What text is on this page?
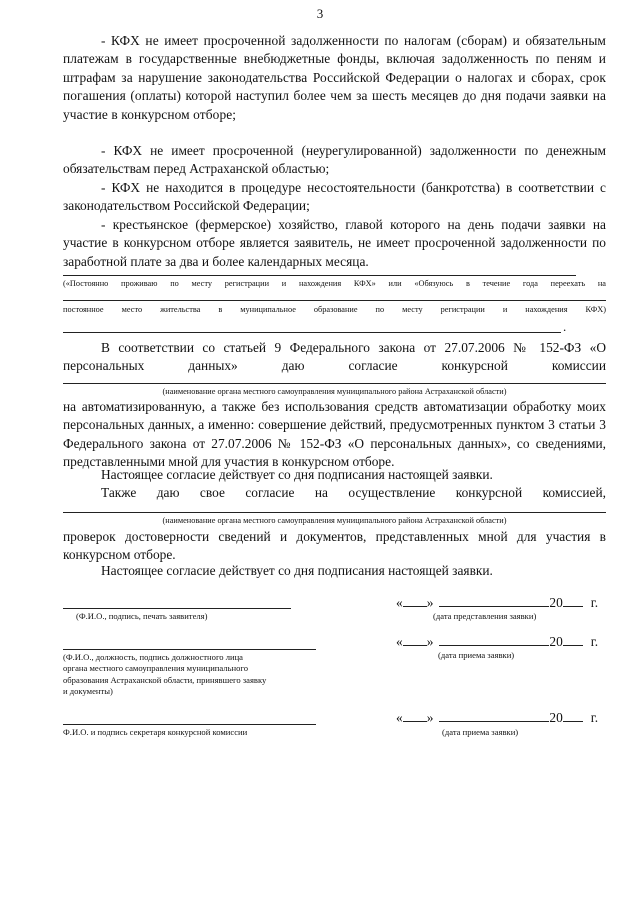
3
- КФХ не имеет просроченной задолженности по налогам (сборам) и обязательным платежам в государственные внебюджетные фонды, включая задолженность по пеням и штрафам за нарушение законодательства Российской Федерации о налогах и сборах, срок погашения (оплаты) которой наступил более чем за шесть месяцев до дня подачи заявки на участие в конкурсном отборе;
- КФХ не имеет просроченной (неурегулированной) задолженности по денежным обязательствам перед Астраханской областью;
- КФХ не находится в процедуре несостоятельности (банкротства) в соответствии с законодательством Российской Федерации;
- крестьянское (фермерское) хозяйство, главой которого на день подачи заявки на участие в конкурсном отборе является заявитель, не имеет просроченной задолженности по заработной плате за два и более календарных месяца.
(«Постоянно проживаю по месту регистрации и нахождения КФХ» или «Обязуюсь в течение года переехать на
постоянное место жительства в муниципальное образование по месту регистрации и нахождения КФХ)
.
В соответствии со статьей 9 Федерального закона от 27.07.2006 № 152-ФЗ «О
персональных данных» даю согласие конкурсной комиссии
(наименование органа местного самоуправления муниципального района Астраханской области)
на автоматизированную, а также без использования средств автоматизации обработку моих персональных данных, а именно: совершение действий, предусмотренных пунктом 3 статьи 3 Федерального закона от 27.07.2006 № 152-ФЗ «О персональных данных», со сведениями, представленными мной для участия в конкурсном отборе.
Настоящее согласие действует со дня подписания настоящей заявки.
Также даю свое согласие на осуществление конкурсной комиссией,
(наименование органа местного самоуправления муниципального района Астраханской области)
проверок достоверности сведений и документов, представленных мной для участия в конкурсном отборе.
Настоящее согласие действует со дня подписания настоящей заявки.
(Ф.И.О., подпись, печать заявителя)
« »	20 г.
(дата представления заявки)
(Ф.И.О., должность, подпись должностного лица органа местного самоуправления муниципального образования Астраханской области, принявшего заявку и документы)
« »	20 г.
(дата приема заявки)
Ф.И.О. и подпись секретаря конкурсной комиссии
« »	20 г.
(дата приема заявки)
